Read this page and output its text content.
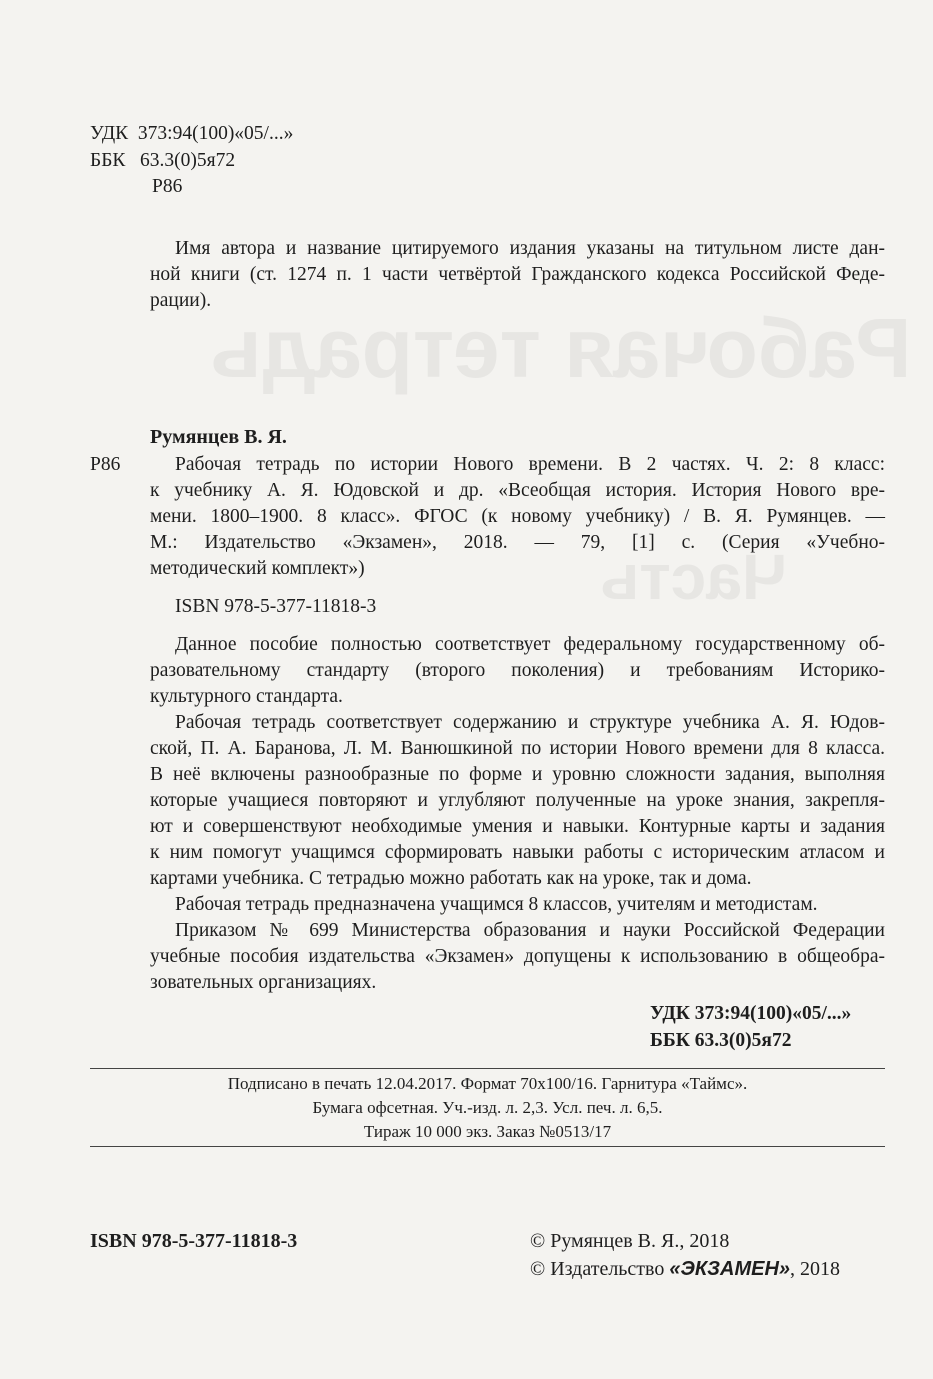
Рабочая тетрадь
Часть
УДК 373:94(100)«05/...»
ББК 63.3(0)5я72
Р86
Имя автора и название цитируемого издания указаны на титульном листе дан-
ной книги (ст. 1274 п. 1 части четвёртой Гражданского кодекса Российской Феде-
рации).
Румянцев В. Я.
Р86	Рабочая тетрадь по истории Нового времени. В 2 частях. Ч. 2: 8 класс:
к учебнику А. Я. Юдовской и др. «Всеобщая история. История Нового вре-
мени. 1800–1900. 8 класс». ФГОС (к новому учебнику) / В. Я. Румянцев. —
М.: Издательство «Экзамен», 2018. — 79, [1] с. (Серия «Учебно-
методический комплект»)
ISBN 978-5-377-11818-3
Данное пособие полностью соответствует федеральному государственному об-
разовательному стандарту (второго поколения) и требованиям Историко-
культурного стандарта.
Рабочая тетрадь соответствует содержанию и структуре учебника А. Я. Юдов-
ской, П. А. Баранова, Л. М. Ванюшкиной по истории Нового времени для 8 класса.
В неё включены разнообразные по форме и уровню сложности задания, выполняя
которые учащиеся повторяют и углубляют полученные на уроке знания, закрепля-
ют и совершенствуют необходимые умения и навыки. Контурные карты и задания
к ним помогут учащимся сформировать навыки работы с историческим атласом и
картами учебника. С тетрадью можно работать как на уроке, так и дома.
Рабочая тетрадь предназначена учащимся 8 классов, учителям и методистам.
Приказом № 699 Министерства образования и науки Российской Федерации
учебные пособия издательства «Экзамен» допущены к использованию в общеобра-
зовательных организациях.
УДК 373:94(100)«05/...»
ББК 63.3(0)5я72
Подписано в печать 12.04.2017. Формат 70х100/16. Гарнитура «Таймс».
Бумага офсетная. Уч.-изд. л. 2,3. Усл. печ. л. 6,5.
Тираж 10 000 экз. Заказ №0513/17
ISBN 978-5-377-11818-3	© Румянцев В. Я., 2018
© Издательство «ЭКЗАМЕН», 2018
